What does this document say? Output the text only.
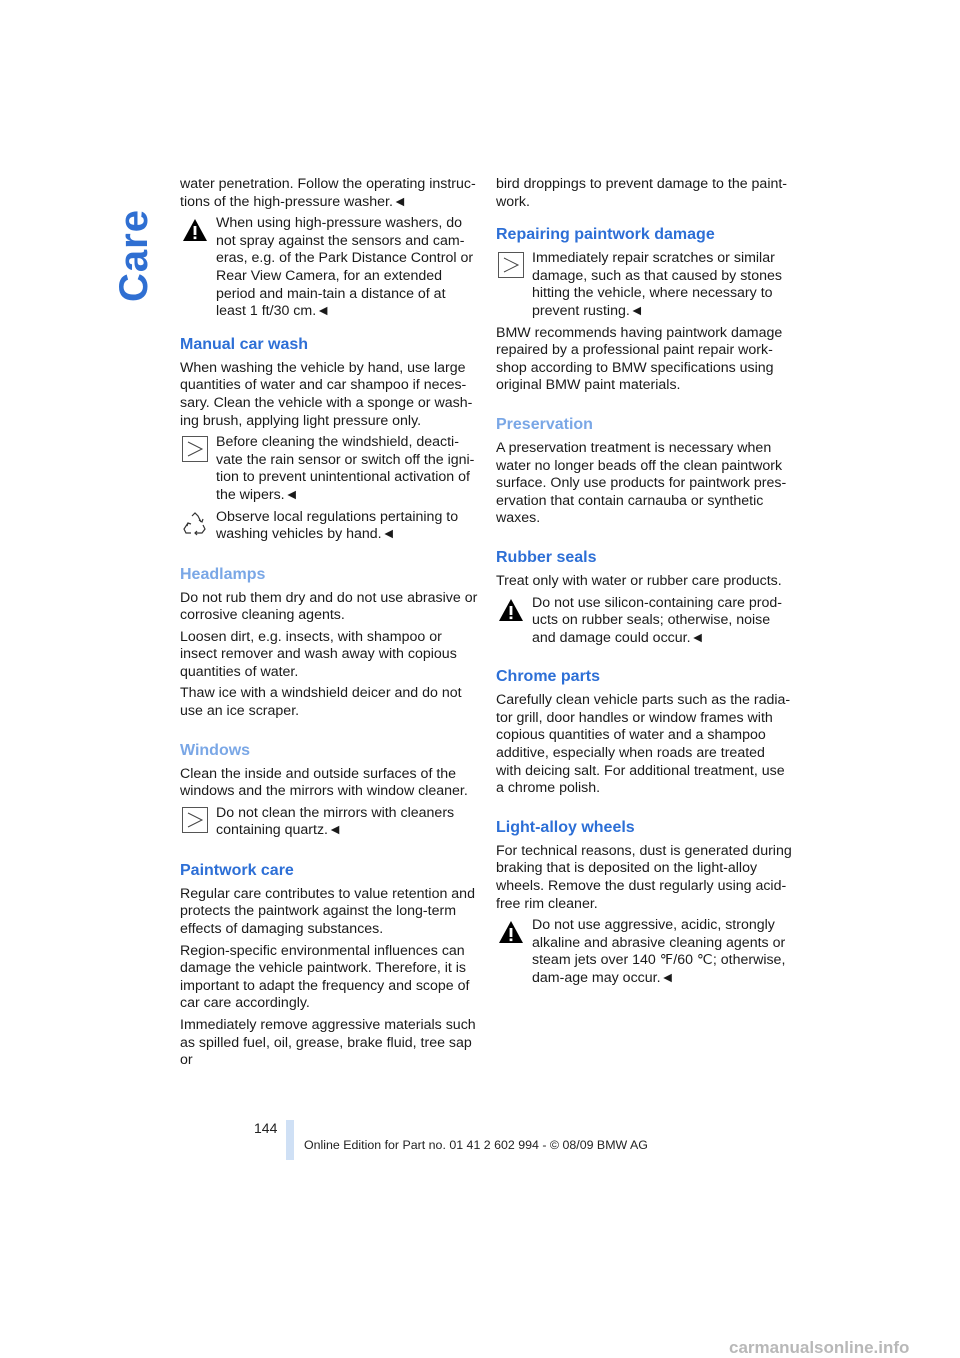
Care

water penetration. Follow the operating instruc-tions of the high-pressure washer.◄

When using high-pressure washers, do not spray against the sensors and cam-eras, e.g. of the Park Distance Control or Rear View Camera, for an extended period and main-tain a distance of at least 1 ft/30 cm.◄
Manual car wash

When washing the vehicle by hand, use large quantities of water and car shampoo if neces-sary. Clean the vehicle with a sponge or wash-ing brush, applying light pressure only.

Before cleaning the windshield, deacti-vate the rain sensor or switch off the igni-tion to prevent unintentional activation of the wipers.◄
Observe local regulations pertaining to washing vehicles by hand.◄
Headlamps

Do not rub them dry and do not use abrasive or corrosive cleaning agents.

Loosen dirt, e.g. insects, with shampoo or insect remover and wash away with copious quantities of water.

Thaw ice with a windshield deicer and do not use an ice scraper.

Windows

Clean the inside and outside surfaces of the windows and the mirrors with window cleaner.

Do not clean the mirrors with cleaners containing quartz.◄
Paintwork care

Regular care contributes to value retention and protects the paintwork against the long-term effects of damaging substances.

Region-specific environmental influences can damage the vehicle paintwork. Therefore, it is important to adapt the frequency and scope of car care accordingly.

Immediately remove aggressive materials such as spilled fuel, oil, grease, brake fluid, tree sap or

bird droppings to prevent damage to the paint-work.

Repairing paintwork damage
Immediately repair scratches or similar damage, such as that caused by stones hitting the vehicle, where necessary to prevent rusting.◄

BMW recommends having paintwork damage repaired by a professional paint repair work-shop according to BMW specifications using original BMW paint materials.

Preservation

A preservation treatment is necessary when water no longer beads off the clean paintwork surface. Only use products for paintwork pres-ervation that contain carnauba or synthetic waxes.

Rubber seals

Treat only with water or rubber care products.

Do not use silicon-containing care prod-ucts on rubber seals; otherwise, noise and damage could occur.◄
Chrome parts

Carefully clean vehicle parts such as the radia-tor grill, door handles or window frames with copious quantities of water and a shampoo additive, especially when roads are treated with deicing salt. For additional treatment, use a chrome polish.

Light-alloy wheels

For technical reasons, dust is generated during braking that is deposited on the light-alloy wheels. Remove the dust regularly using acid-free rim cleaner.

Do not use aggressive, acidic, strongly alkaline and abrasive cleaning agents or steam jets over 140 ℉/60 ℃; otherwise, dam-age may occur.◄
144
Online Edition for Part no. 01 41 2 602 994 - © 08/09 BMW AG
carmanualsonline.info
